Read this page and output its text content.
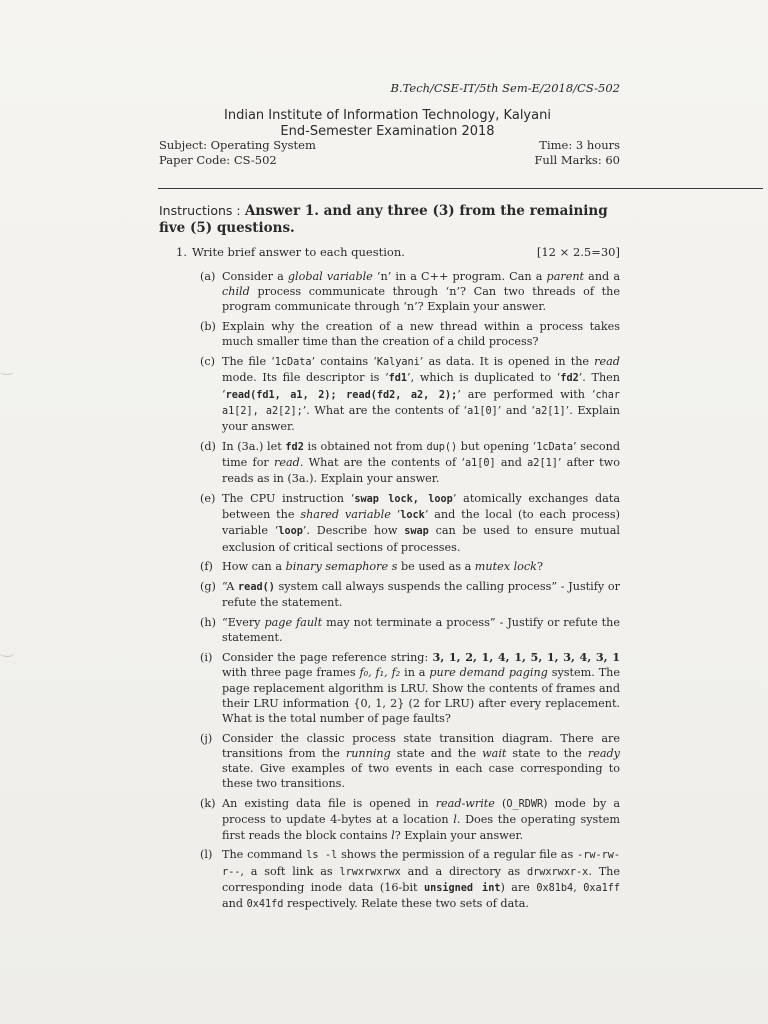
B.Tech/CSE-IT/5th Sem-E/2018/CS-502
Indian Institute of Information Technology, Kalyani
End-Semester Examination 2018
Subject: Operating System
Paper Code: CS-502
Time: 3 hours
Full Marks: 60
Instructions : Answer 1. and any three (3) from the remaining five (5) questions.
1. Write brief answer to each question.	[12 × 2.5=30]
(a) Consider a global variable ‘n’ in a C++ program. Can a parent and a child process communicate through ‘n’? Can two threads of the program communicate through ‘n’? Explain your answer.
(b) Explain why the creation of a new thread within a process takes much smaller time than the creation of a child process?
(c) The file ‘1cData’ contains ‘Kalyani’ as data. It is opened in the read mode. Its file descriptor is ‘fd1’, which is duplicated to ‘fd2’. Then ‘read(fd1, a1, 2); read(fd2, a2, 2);’ are performed with ‘char a1[2], a2[2];’. What are the contents of ‘a1[0]’ and ‘a2[1]’. Explain your answer.
(d) In (3a.) let fd2 is obtained not from dup() but opening ‘1cData’ second time for read. What are the contents of ‘a1[0] and a2[1]’ after two reads as in (3a.). Explain your answer.
(e) The CPU instruction ‘swap lock, loop’ atomically exchanges data between the shared variable ‘lock’ and the local (to each process) variable ‘loop’. Describe how swap can be used to ensure mutual exclusion of critical sections of processes.
(f) How can a binary semaphore s be used as a mutex lock?
(g) “A read() system call always suspends the calling process” - Justify or refute the statement.
(h) “Every page fault may not terminate a process” - Justify or refute the statement.
(i) Consider the page reference string: 3, 1, 2, 1, 4, 1, 5, 1, 3, 4, 3, 1 with three page frames f₀, f₁, f₂ in a pure demand paging system. The page replacement algorithm is LRU. Show the contents of frames and their LRU information {0, 1, 2} (2 for LRU) after every replacement. What is the total number of page faults?
(j) Consider the classic process state transition diagram. There are transitions from the running state and the wait state to the ready state. Give examples of two events in each case corresponding to these two transitions.
(k) An existing data file is opened in read-write (O_RDWR) mode by a process to update 4-bytes at a location l. Does the operating system first reads the block contains l? Explain your answer.
(l) The command ls -l shows the permission of a regular file as -rw-rw-r--, a soft link as lrwxrwxrwx and a directory as drwxrwxr-x. The corresponding inode data (16-bit unsigned int) are 0x81b4, 0xa1ff and 0x41fd respectively. Relate these two sets of data.
